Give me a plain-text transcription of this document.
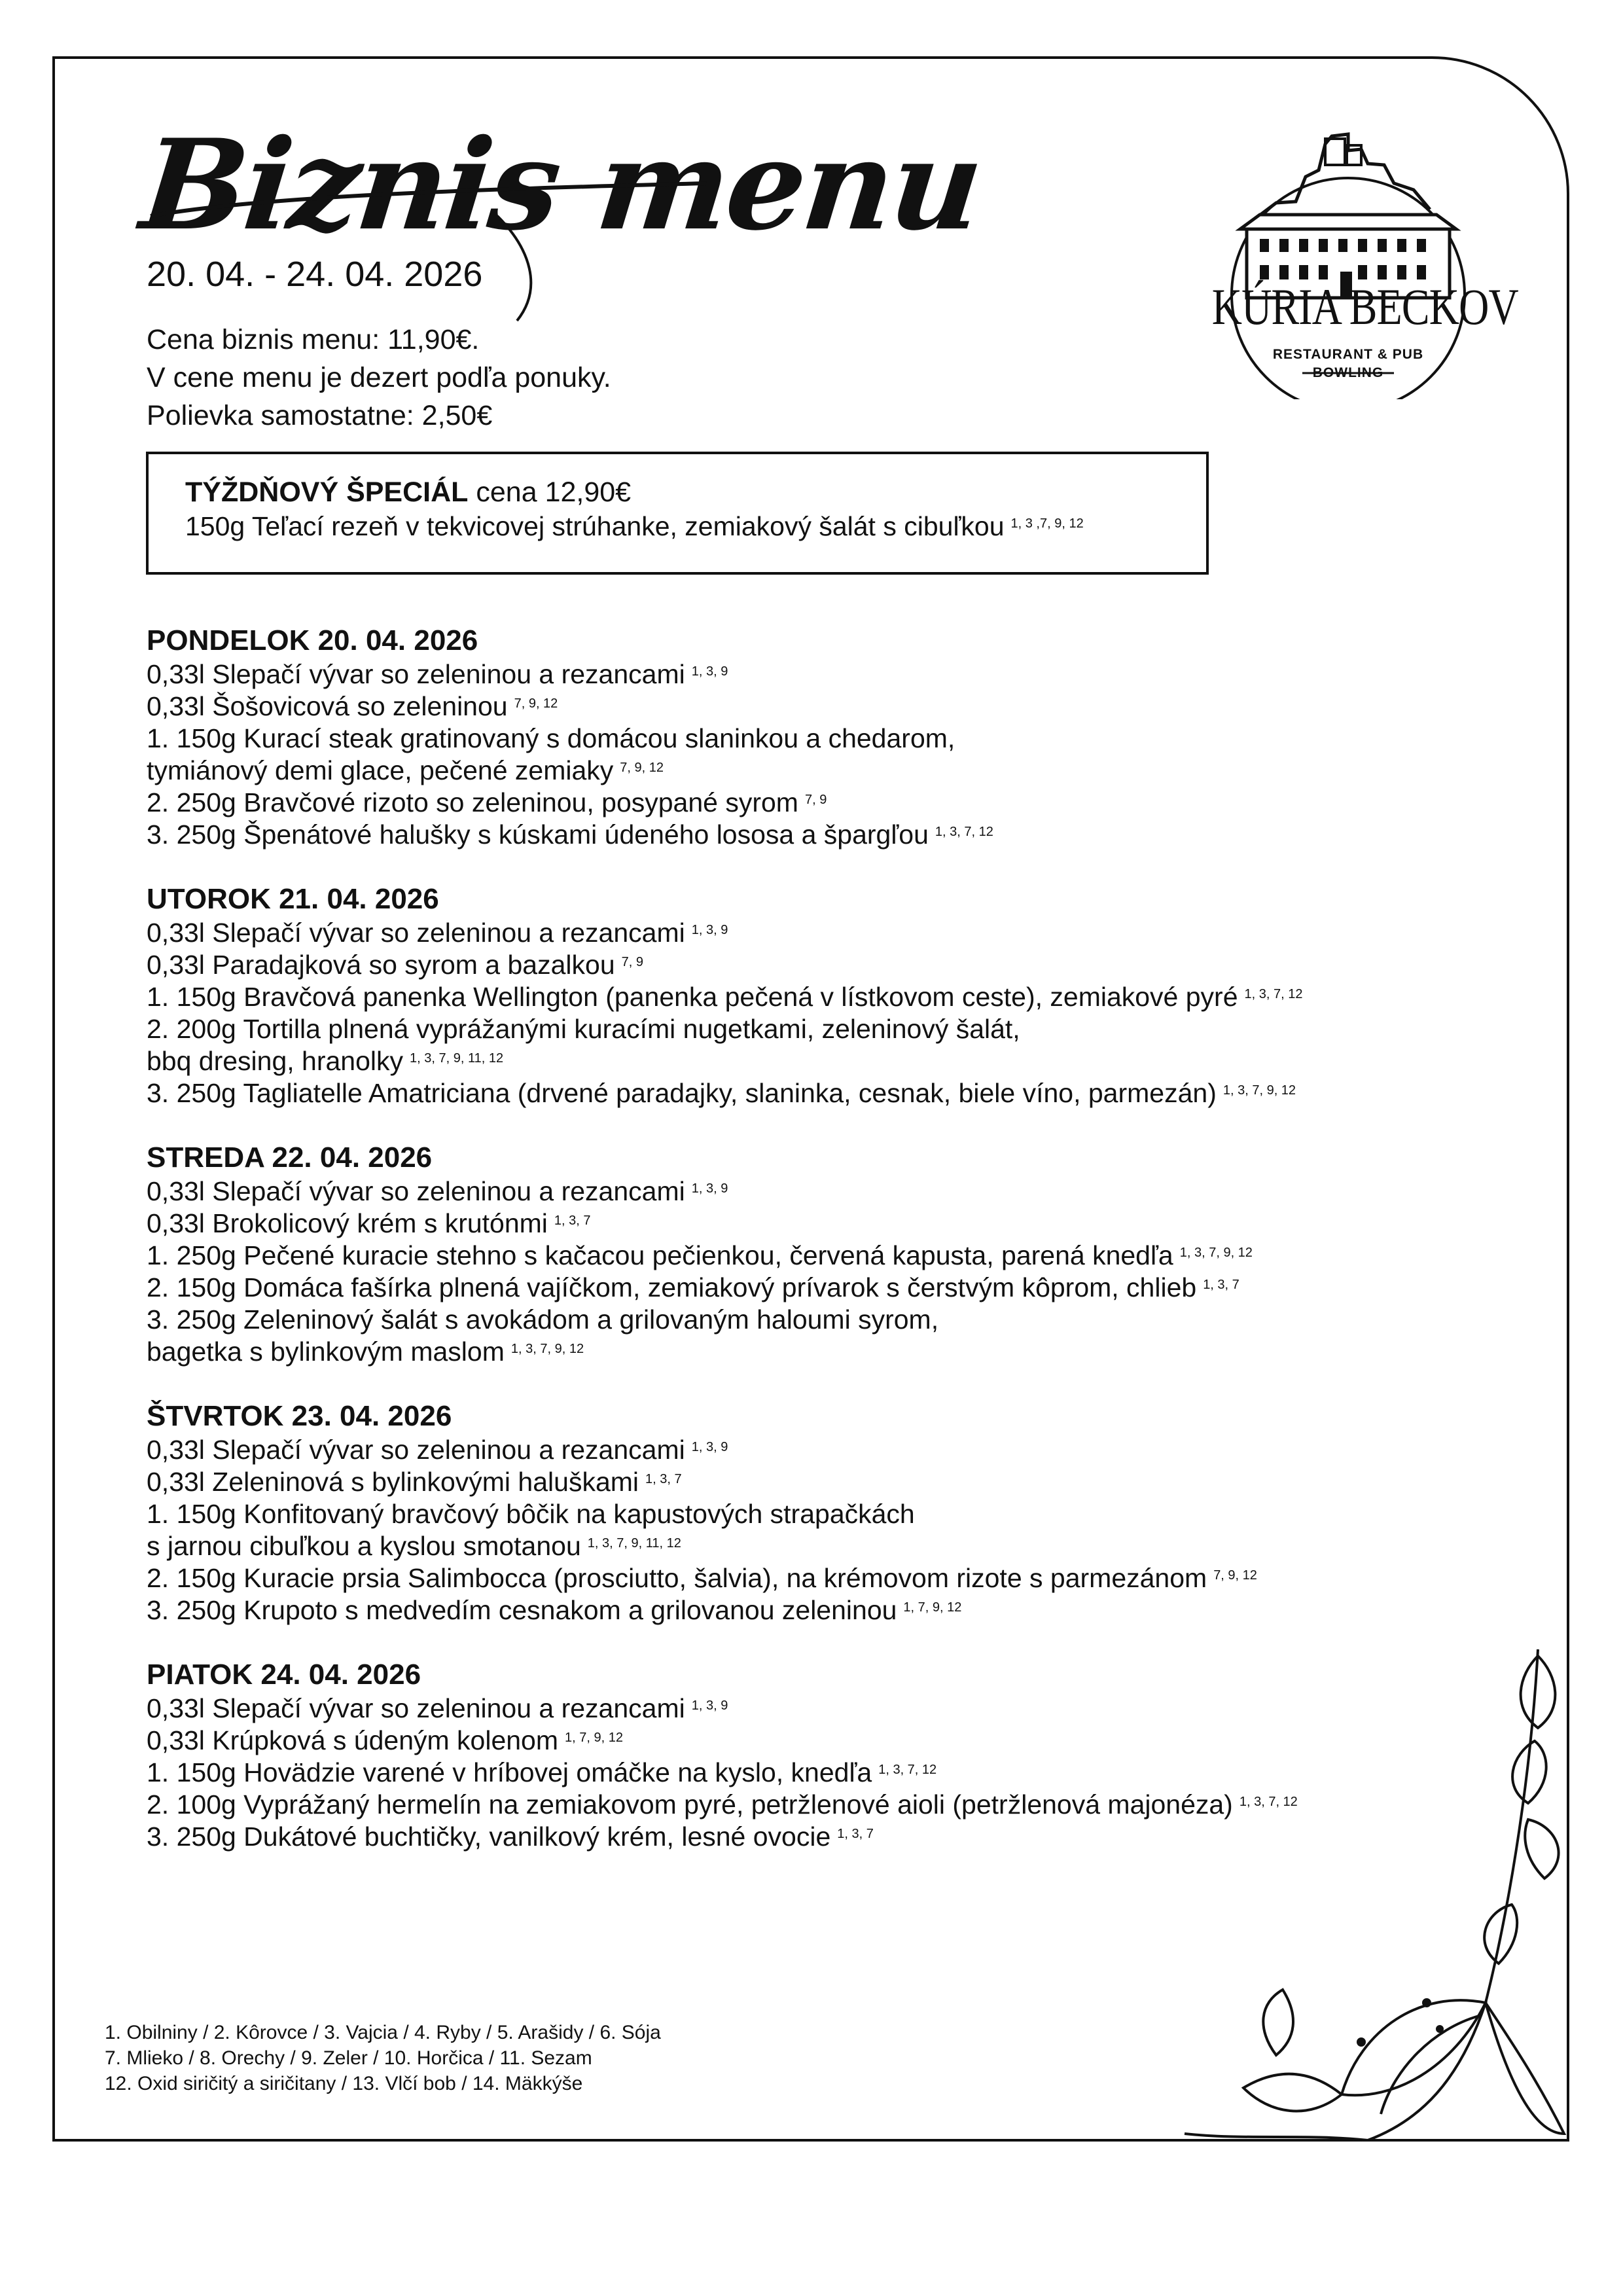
Biznis menu
20. 04. - 24. 04. 2026
Cena biznis menu: 11,90€.
V cene menu je dezert podľa ponuky.
Polievka samostatne: 2,50€
KÚRIA BECKOV
RESTAURANT & PUB
BOWLING
TÝŽDŇOVÝ ŠPECIÁL cena 12,90€
150g Teľací rezeň v tekvicovej strúhanke, zemiakový šalát s cibuľkou $^{1, 3 ,7, 9, 12}$
PONDELOK 20. 04. 2026
0,33l Slepačí vývar so zeleninou a rezancami $^{1, 3, 9}$
0,33l Šošovicová so zeleninou $^{7, 9, 12}$
1. 150g Kurací steak gratinovaný s domácou slaninkou a chedarom,
tymiánový demi glace, pečené zemiaky $^{7, 9, 12}$
2. 250g Bravčové rizoto so zeleninou, posypané syrom $^{7, 9}$
3. 250g Špenátové halušky s kúskami údeného lososa a špargľou $^{1, 3, 7, 12}$
UTOROK 21. 04. 2026
0,33l Slepačí vývar so zeleninou a rezancami $^{1, 3, 9}$
0,33l Paradajková so syrom a bazalkou $^{7, 9}$
1. 150g Bravčová panenka Wellington (panenka pečená v lístkovom ceste), zemiakové pyré $^{1, 3, 7, 12}$
2. 200g Tortilla plnená vyprážanými kuracími nugetkami, zeleninový šalát,
bbq dresing, hranolky $^{1, 3, 7, 9, 11, 12}$
3. 250g Tagliatelle Amatriciana (drvené paradajky, slaninka, cesnak, biele víno, parmezán) $^{1, 3, 7, 9, 12}$
STREDA 22. 04. 2026
0,33l Slepačí vývar so zeleninou a rezancami $^{1, 3, 9}$
0,33l Brokolicový krém s krutónmi $^{1, 3, 7}$
1. 250g Pečené kuracie stehno s kačacou pečienkou, červená kapusta, parená knedľa $^{1, 3, 7, 9, 12}$
2. 150g Domáca fašírka plnená vajíčkom, zemiakový prívarok s čerstvým kôprom, chlieb $^{1, 3, 7}$
3. 250g Zeleninový šalát s avokádom a grilovaným haloumi syrom,
bagetka s bylinkovým maslom $^{1, 3, 7, 9, 12}$
ŠTVRTOK 23. 04. 2026
0,33l Slepačí vývar so zeleninou a rezancami $^{1, 3, 9}$
0,33l Zeleninová s bylinkovými haluškami $^{1, 3, 7}$
1. 150g Konfitovaný bravčový bôčik na kapustových strapačkách
s jarnou cibuľkou a kyslou smotanou $^{1, 3, 7, 9, 11, 12}$
2. 150g Kuracie prsia Salimbocca (prosciutto, šalvia), na krémovom rizote s parmezánom $^{7, 9, 12}$
3. 250g Krupoto s medvedím cesnakom a grilovanou zeleninou $^{1, 7, 9, 12}$
PIATOK 24. 04. 2026
0,33l Slepačí vývar so zeleninou a rezancami $^{1, 3, 9}$
0,33l Krúpková s údeným kolenom $^{1, 7, 9, 12}$
1. 150g Hovädzie varené v hríbovej omáčke na kyslo, knedľa $^{1, 3, 7, 12}$
2. 100g Vyprážaný hermelín na zemiakovom pyré, petržlenové aioli (petržlenová majonéza) $^{1, 3, 7, 12}$
3. 250g Dukátové buchtičky, vanilkový krém, lesné ovocie $^{1, 3, 7}$
1. Obilniny / 2. Kôrovce / 3. Vajcia / 4. Ryby / 5. Arašidy / 6. Sója
7. Mlieko / 8. Orechy / 9. Zeler / 10. Horčica / 11. Sezam
12. Oxid siričitý a siričitany / 13. Vlčí bob / 14. Mäkkýše
